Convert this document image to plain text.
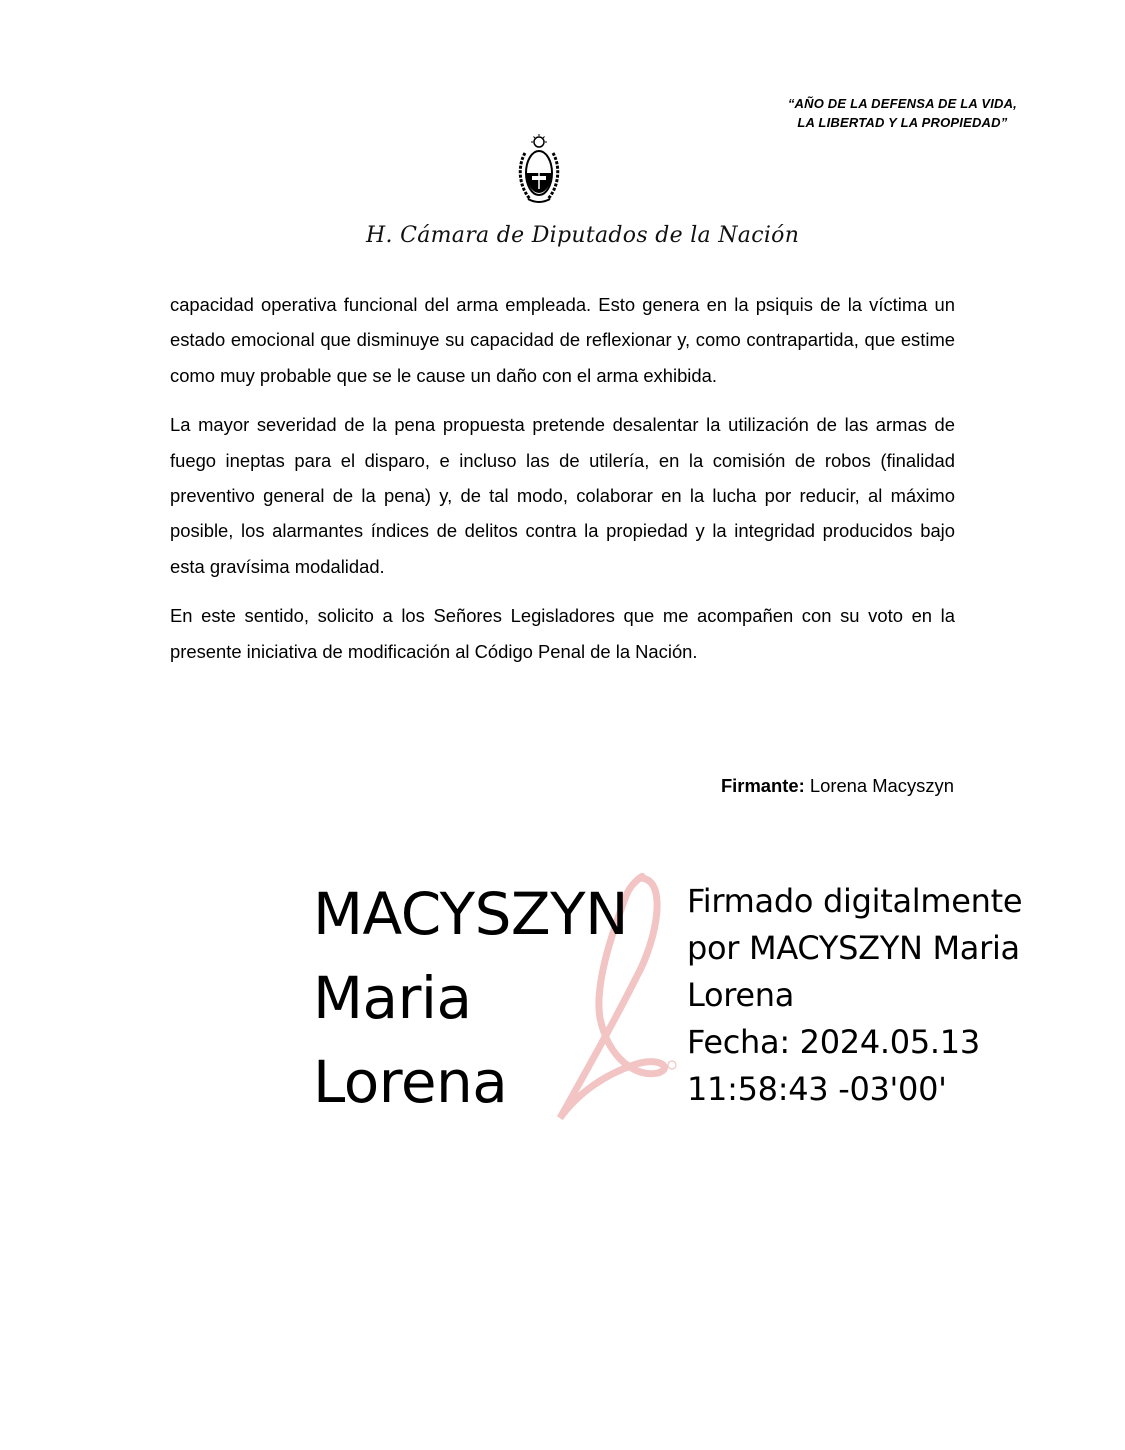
“AÑO DE LA DEFENSA DE LA VIDA,
LA LIBERTAD Y LA PROPIEDAD”
H. Cámara de Diputados de la Nación

capacidad operativa funcional del arma empleada. Esto genera en la psiquis de la víctima un estado emocional que disminuye su capacidad de reflexionar y, como contrapartida, que estime como muy probable que se le cause un daño con el arma exhibida.

La mayor severidad de la pena propuesta pretende desalentar la utilización de las armas de fuego ineptas para el disparo, e incluso las de utilería, en la comisión de robos (finalidad preventivo general de la pena) y, de tal modo, colaborar en la lucha por reducir, al máximo posible, los alarmantes índices de delitos contra la propiedad y la integridad producidos bajo esta gravísima modalidad.

En este sentido, solicito a los Señores Legisladores que me acompañen con su voto en la presente iniciativa de modificación al Código Penal de la Nación.

Firmante: Lorena Macyszyn
MACYSZYN
Maria
Lorena
Firmado digitalmente
por MACYSZYN Maria
Lorena
Fecha: 2024.05.13
11:58:43 -03'00'
